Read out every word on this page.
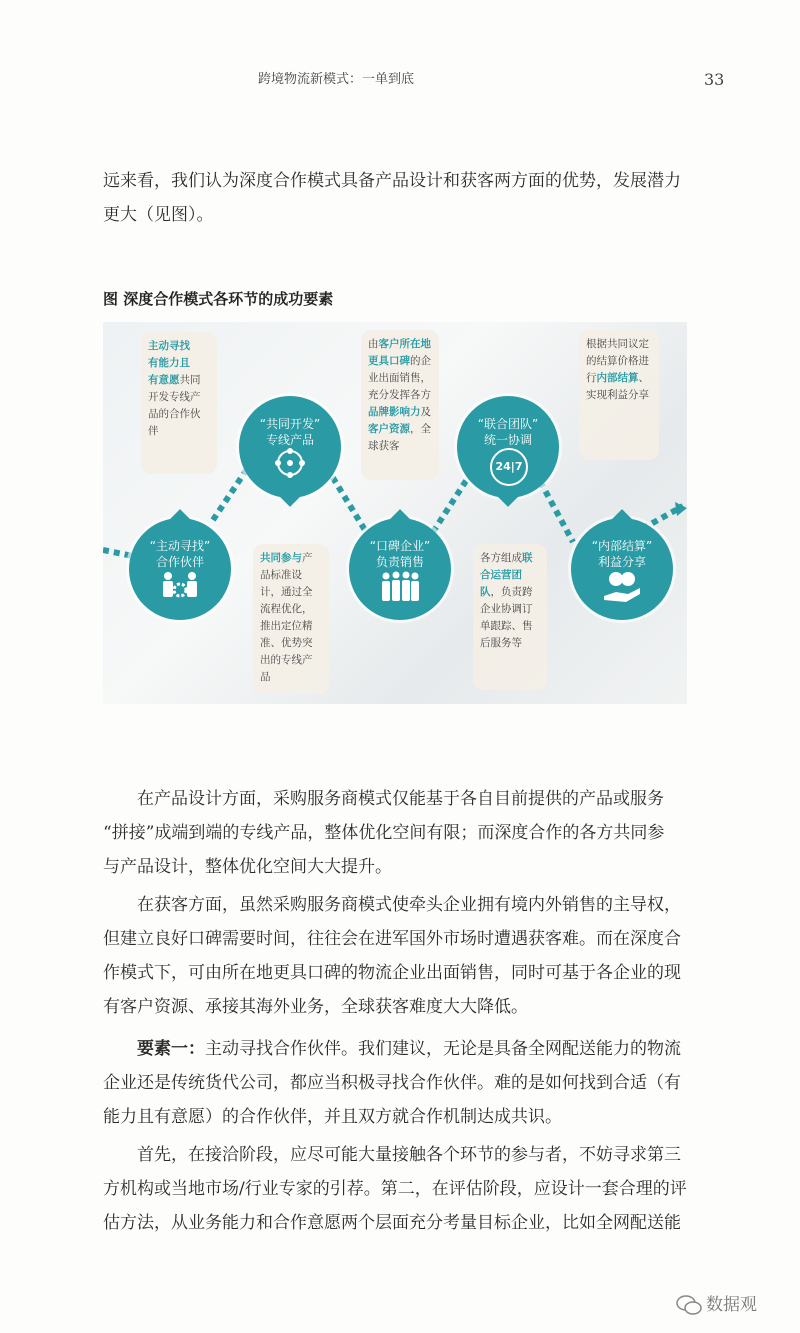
跨境物流新模式：一单到底	33

远来看，我们认为深度合作模式具备产品设计和获客两方面的优势，发展潜力
更大（见图）。

图 深度合作模式各环节的成功要素
主动寻找
有能力且
有意愿共同开发专线产品的合作伙伴
共同参与产品标准设计，通过全流程优化，推出定位精准、优势突出的专线产品
由客户所在地更具口碑的企业出面销售，充分发挥各方品牌影响力及客户资源，全球获客
各方组成联合运营团队，负责跨企业协调订单跟踪、售后服务等
根据共同议定的结算价格进行内部结算、实现利益分享
“主动寻找”
合作伙伴
“共同开发”
专线产品
“口碑企业”
负责销售
“联合团队”
统一协调
24|7
“内部结算”
利益分享

在产品设计方面，采购服务商模式仅能基于各自目前提供的产品或服务
“拼接”成端到端的专线产品，整体优化空间有限；而深度合作的各方共同参
与产品设计，整体优化空间大大提升。

在获客方面，虽然采购服务商模式使牵头企业拥有境内外销售的主导权，
但建立良好口碑需要时间，往往会在进军国外市场时遭遇获客难。而在深度合
作模式下，可由所在地更具口碑的物流企业出面销售，同时可基于各企业的现
有客户资源、承接其海外业务，全球获客难度大大降低。

要素一：主动寻找合作伙伴。我们建议，无论是具备全网配送能力的物流
企业还是传统货代公司，都应当积极寻找合作伙伴。难的是如何找到合适（有
能力且有意愿）的合作伙伴，并且双方就合作机制达成共识。

首先，在接洽阶段，应尽可能大量接触各个环节的参与者，不妨寻求第三
方机构或当地市场/行业专家的引荐。第二，在评估阶段，应设计一套合理的评
估方法，从业务能力和合作意愿两个层面充分考量目标企业，比如全网配送能

数据观
